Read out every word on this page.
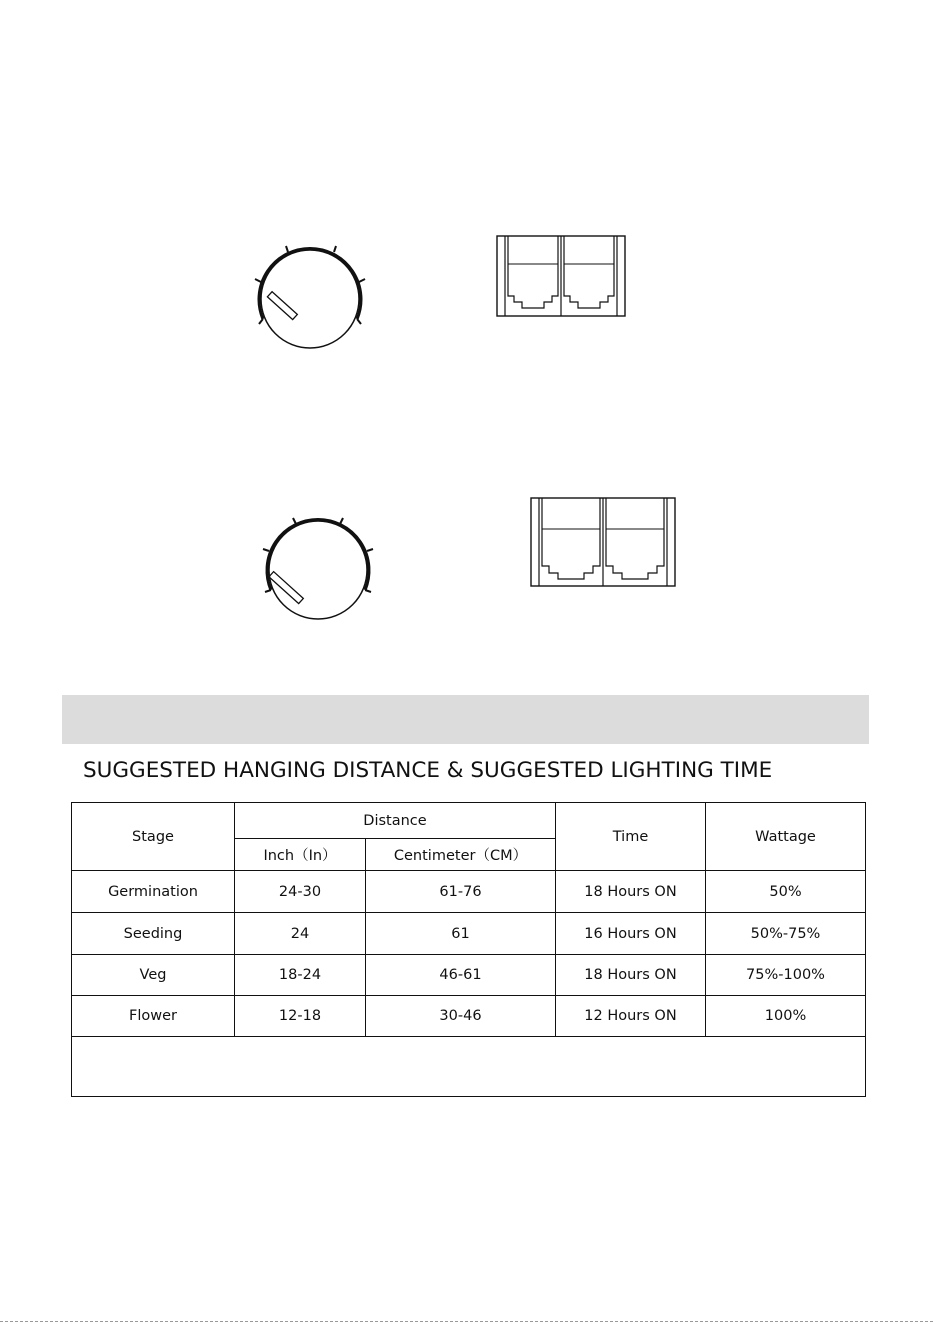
SUGGESTED HANGING DISTANCE & SUGGESTED LIGHTING TIME
Stage	Distance		Time	Wattage
	Inch（In）	Centimeter（CM）		
Germination	24-30	61-76	18 Hours ON	50%
Seeding	24	61	16 Hours ON	50%-75%
Veg	18-24	46-61	18 Hours ON	75%-100%
Flower	12-18	30-46	12 Hours ON	100%
